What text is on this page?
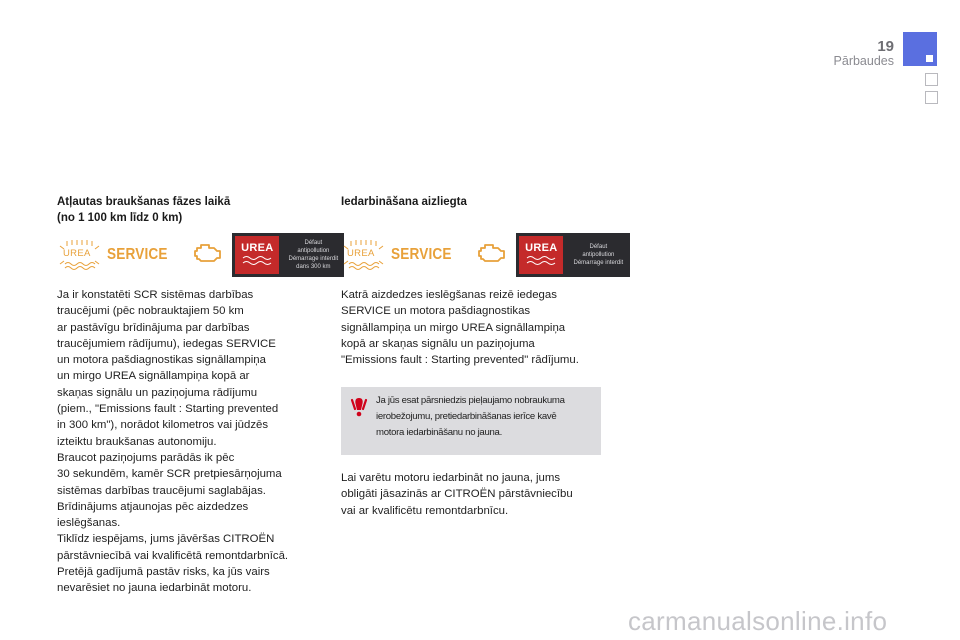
19
Pārbaudes
Atļautas braukšanas fāzes laikā
(no 1 100 km līdz 0 km)
UREA SERVICE	UREA	Défaut
antipollution
Démarrage interdit
dans 300 km
Ja ir konstatēti SCR sistēmas darbības
traucējumi (pēc nobrauktajiem 50 km
ar pastāvīgu brīdinājuma par darbības
traucējumiem rādījumu), iedegas SERVICE
un motora pašdiagnostikas signāllampiņa
un mirgo UREA signāllampiņa kopā ar
skaņas signālu un paziņojuma rādījumu
(piem., "Emissions fault : Starting prevented
in 300 km"), norādot kilometros vai jūdzēs
izteiktu braukšanas autonomiju.
Braucot paziņojums parādās ik pēc
30 sekundēm, kamēr SCR pretpiesārņojuma
sistēmas darbības traucējumi saglabājas.
Brīdinājums atjaunojas pēc aizdedzes
ieslēgšanas.
Tiklīdz iespējams, jums jāvēršas CITROËN
pārstāvniecībā vai kvalificētā remontdarbnīcā.
Pretējā gadījumā pastāv risks, ka jūs vairs
nevarēsiet no jauna iedarbināt motoru.
Iedarbināšana aizliegta
UREA SERVICE	UREA	Défaut
antipollution
Démarrage interdit
Katrā aizdedzes ieslēgšanas reizē iedegas
SERVICE un motora pašdiagnostikas
signāllampiņa un mirgo UREA signāllampiņa
kopā ar skaņas signālu un paziņojuma
"Emissions fault : Starting prevented" rādījumu.
Ja jūs esat pārsniedzis pieļaujamo nobraukuma
ierobežojumu, pretiedarbināšanas ierīce kavē
motora iedarbināšanu no jauna.
Lai varētu motoru iedarbināt no jauna, jums
obligāti jāsazinās ar CITROËN pārstāvniecību
vai ar kvalificētu remontdarbnīcu.
carmanualsonline.info
